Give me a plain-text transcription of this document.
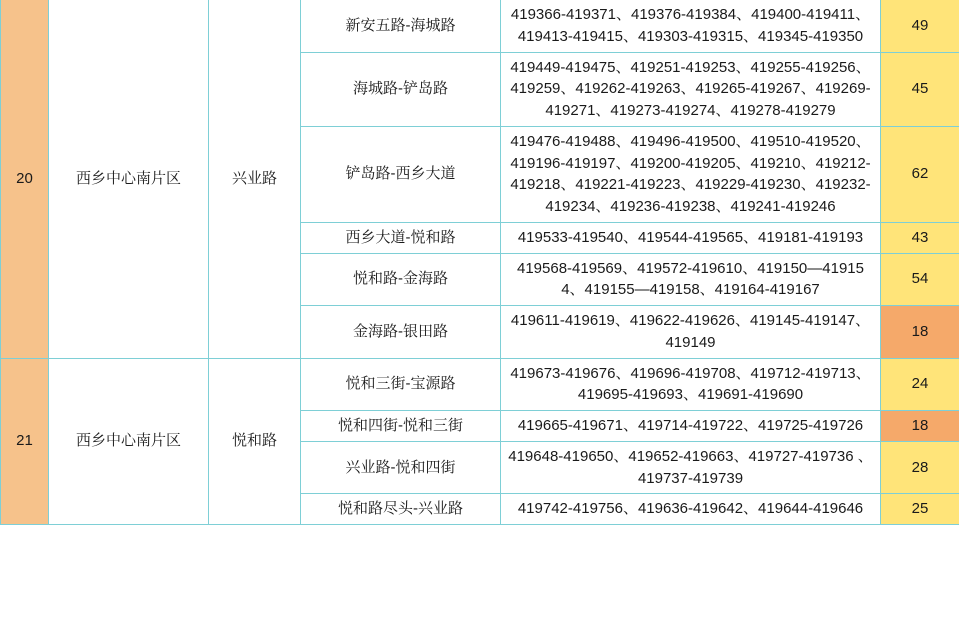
20	西乡中心南片区	兴业路	新安五路-海城路	419366-419371、419376-419384、419400-419411、419413-419415、419303-419315、419345-419350	49
			海城路-铲岛路	419449-419475、419251-419253、419255-419256、419259、419262-419263、419265-419267、419269-419271、419273-419274、419278-419279	45
			铲岛路-西乡大道	419476-419488、419496-419500、419510-419520、419196-419197、419200-419205、419210、419212-419218、419221-419223、419229-419230、419232-419234、419236-419238、419241-419246	62
			西乡大道-悦和路	419533-419540、419544-419565、419181-419193	43
			悦和路-金海路	419568-419569、419572-419610、419150—419154、419155—419158、419164-419167	54
			金海路-银田路	419611-419619、419622-419626、419145-419147、419149	18
21	西乡中心南片区	悦和路	悦和三街-宝源路	419673-419676、419696-419708、419712-419713、419695-419693、419691-419690	24
			悦和四街-悦和三街	419665-419671、419714-419722、419725-419726	18
			兴业路-悦和四街	419648-419650、419652-419663、419727-419736 、419737-419739	28
			悦和路尽头-兴业路	419742-419756、419636-419642、419644-419646	25
